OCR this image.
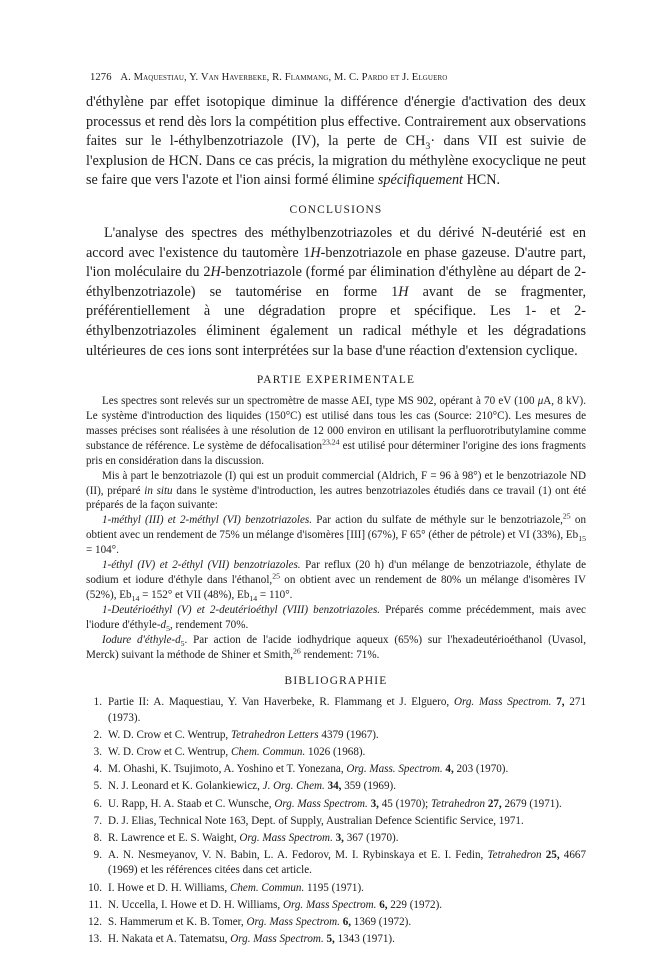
1276 A. Maquestiau, Y. Van Haverbeke, R. Flammang, M. C. Pardo et J. Elguero

d'éthylène par effet isotopique diminue la différence d'énergie d'activation des deux processus et rend dès lors la compétition plus effective. Contrairement aux observations faites sur le l-éthylbenzotriazole (IV), la perte de $CH_3\cdot$ dans VII est suivie de l'explusion de HCN. Dans ce cas précis, la migration du méthylène exocyclique ne peut se faire que vers l'azote et l'ion ainsi formé élimine spécifiquement HCN.

CONCLUSIONS

L'analyse des spectres des méthylbenzotriazoles et du dérivé N-deutérié est en accord avec l'existence du tautomère 1H-benzotriazole en phase gazeuse. D'autre part, l'ion moléculaire du 2H-benzotriazole (formé par élimination d'éthylène au départ de 2-éthylbenzotriazole) se tautomérise en forme 1H avant de se fragmenter, préférentiellement à une dégradation propre et spécifique. Les 1- et 2-éthylbenzotriazoles éliminent également un radical méthyle et les dégradations ultérieures de ces ions sont interprétées sur la base d'une réaction d'extension cyclique.

PARTIE EXPERIMENTALE

Les spectres sont relevés sur un spectromètre de masse AEI, type MS 902, opérant à 70 eV (100 μA, 8 kV). Le système d'introduction des liquides (150°C) est utilisé dans tous les cas (Source: 210°C). Les mesures de masses précises sont réalisées à une résolution de 12 000 environ en utilisant la perfluorotributylamine comme substance de référence. Le système de défocalisation$^{23,24}$ est utilisé pour déterminer l'origine des ions fragments pris en considération dans la discussion.

Mis à part le benzotriazole (I) qui est un produit commercial (Aldrich, F = 96 à 98°) et le benzotriazole ND (II), préparé in situ dans le système d'introduction, les autres benzotriazoles étudiés dans ce travail (1) ont été préparés de la façon suivante:

1-méthyl (III) et 2-méthyl (VI) benzotriazoles. Par action du sulfate de méthyle sur le benzotriazole,$^{25}$ on obtient avec un rendement de 75% un mélange d'isomères [III] (67%), F 65° (éther de pétrole) et VI (33%), $Eb_{15} = 104^\circ$.

1-éthyl (IV) et 2-éthyl (VII) benzotriazoles. Par reflux (20 h) d'un mélange de benzotriazole, éthylate de sodium et iodure d'éthyle dans l'éthanol,$^{25}$ on obtient avec un rendement de 80% un mélange d'isomères IV (52%), $Eb_{14} = 152^\circ$ et VII (48%), $Eb_{14} = 110^\circ$.

1-Deutérioéthyl (V) et 2-deutérioéthyl (VIII) benzotriazoles. Préparés comme précédemment, mais avec l'iodure $d'éthyle-d_5$, rendement 70%.

Iodure $d'éthyle-d_5$. Par action de l'acide iodhydrique aqueux (65%) sur l'hexadeutérioéthanol (Uvasol, Merck) suivant la méthode de Shiner et Smith,$^{26}$ rendement: 71%.

BIBLIOGRAPHIE
1. Partie II: A. Maquestiau, Y. Van Haverbeke, R. Flammang et J. Elguero, Org. Mass Spectrom. 7, 271 (1973).
2. W. D. Crow et C. Wentrup, Tetrahedron Letters 4379 (1967).
3. W. D. Crow et C. Wentrup, Chem. Commun. 1026 (1968).
4. M. Ohashi, K. Tsujimoto, A. Yoshino et T. Yonezana, Org. Mass. Spectrom. 4, 203 (1970).
5. N. J. Leonard et K. Golankiewicz, J. Org. Chem. 34, 359 (1969).
6. U. Rapp, H. A. Staab et C. Wunsche, Org. Mass Spectrom. 3, 45 (1970); Tetrahedron 27, 2679 (1971).
7. D. J. Elias, Technical Note 163, Dept. of Supply, Australian Defence Scientific Service, 1971.
8. R. Lawrence et E. S. Waight, Org. Mass Spectrom. 3, 367 (1970).
9. A. N. Nesmeyanov, V. N. Babin, L. A. Fedorov, M. I. Rybinskaya et E. I. Fedin, Tetrahedron 25, 4667 (1969) et les références citées dans cet article.
10. I. Howe et D. H. Williams, Chem. Commun. 1195 (1971).
11. N. Uccella, I. Howe et D. H. Williams, Org. Mass Spectrom. 6, 229 (1972).
12. S. Hammerum et K. B. Tomer, Org. Mass Spectrom. 6, 1369 (1972).
13. H. Nakata et A. Tatematsu, Org. Mass Spectrom. 5, 1343 (1971).
